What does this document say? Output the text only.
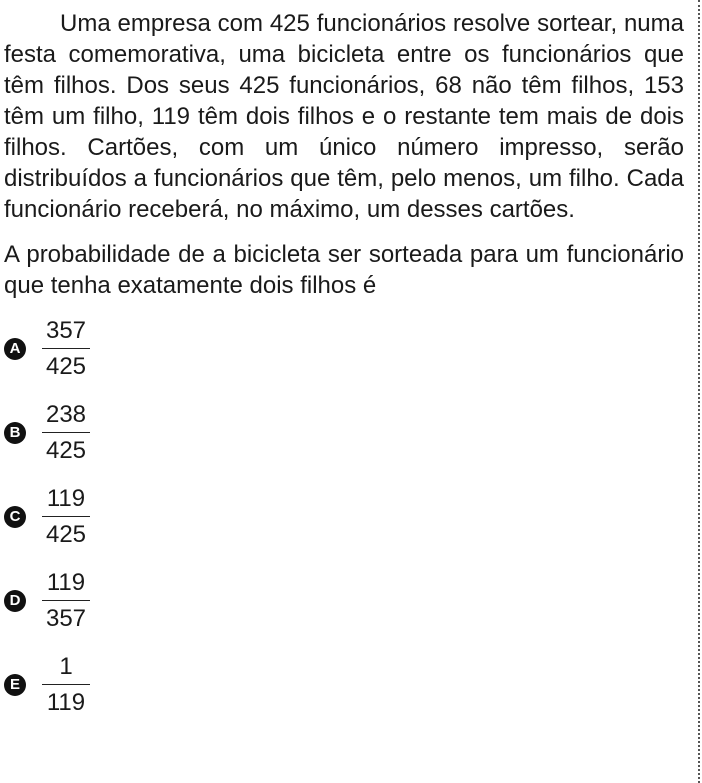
Uma empresa com 425 funcionários resolve sortear, numa festa comemorativa, uma bicicleta entre os funcionários que têm filhos. Dos seus 425 funcionários, 68 não têm filhos, 153 têm um filho, 119 têm dois filhos e o restante tem mais de dois filhos. Cartões, com um único número impresso, serão distribuídos a funcionários que têm, pelo menos, um filho. Cada funcionário receberá, no máximo, um desses cartões.

A probabilidade de a bicicleta ser sorteada para um funcionário que tenha exatamente dois filhos é

A $\frac{357}{425}$
B $\frac{238}{425}$
C $\frac{119}{425}$
D $\frac{119}{357}$
E $\frac{1}{119}$
